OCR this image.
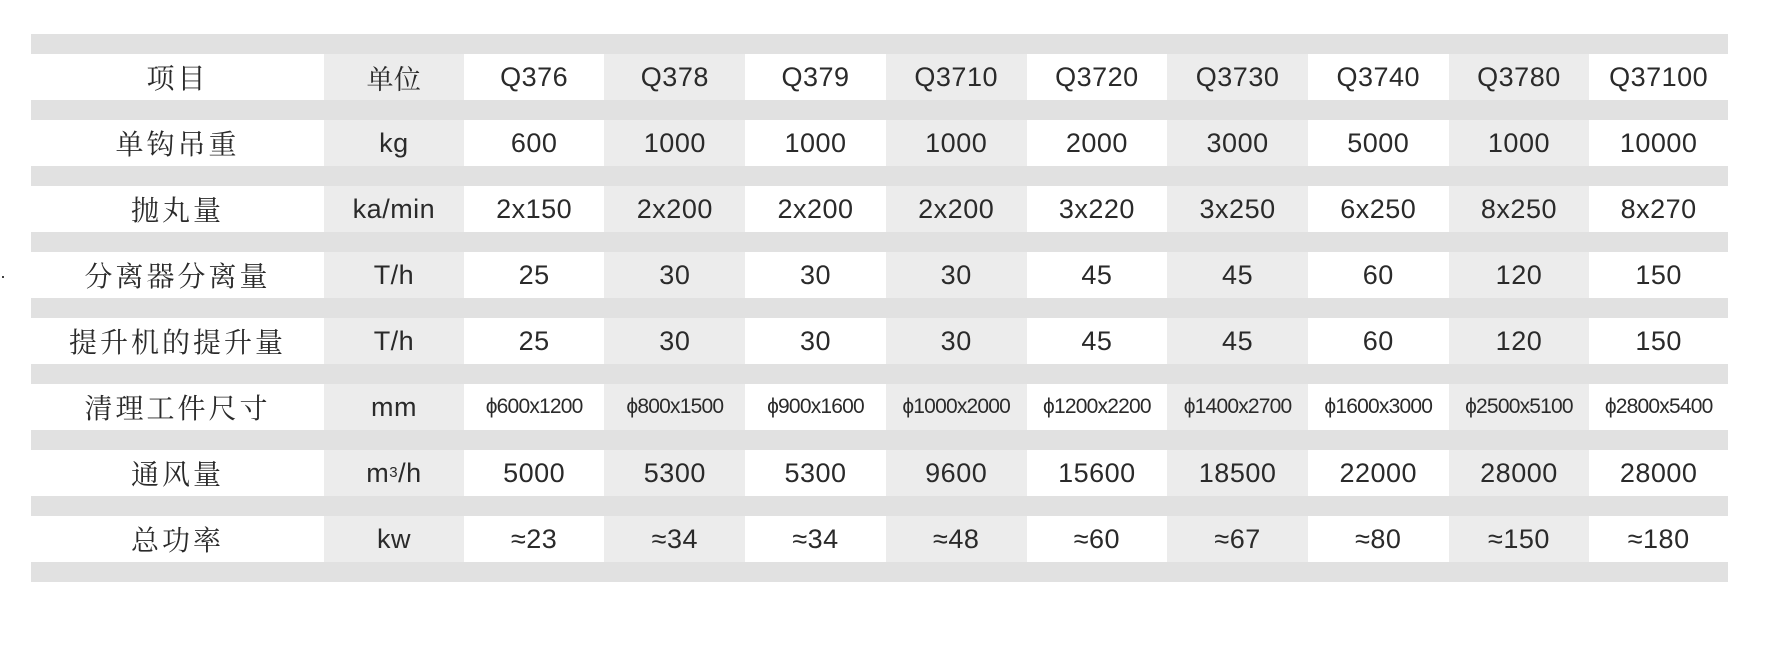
·
项目	单位	Q376	Q378	Q379	Q3710	Q3720	Q3730	Q3740	Q3780	Q37100
单钩吊重	kg	600	1000	1000	1000	2000	3000	5000	1000	10000
抛丸量	ka/min	2x150	2x200	2x200	2x200	3x220	3x250	6x250	8x250	8x270
分离器分离量	T/h	25	30	30	30	45	45	60	120	150
提升机的提升量	T/h	25	30	30	30	45	45	60	120	150
清理工件尺寸	mm	ϕ600x1200	ϕ800x1500	ϕ900x1600	ϕ1000x2000	ϕ1200x2200	ϕ1400x2700	ϕ1600x3000	ϕ2500x5100	ϕ2800x5400
通风量	m 3 /h	5000	5300	5300	9600	15600	18500	22000	28000	28000
总功率	kw	≈23	≈34	≈34	≈48	≈60	≈67	≈80	≈150	≈180
